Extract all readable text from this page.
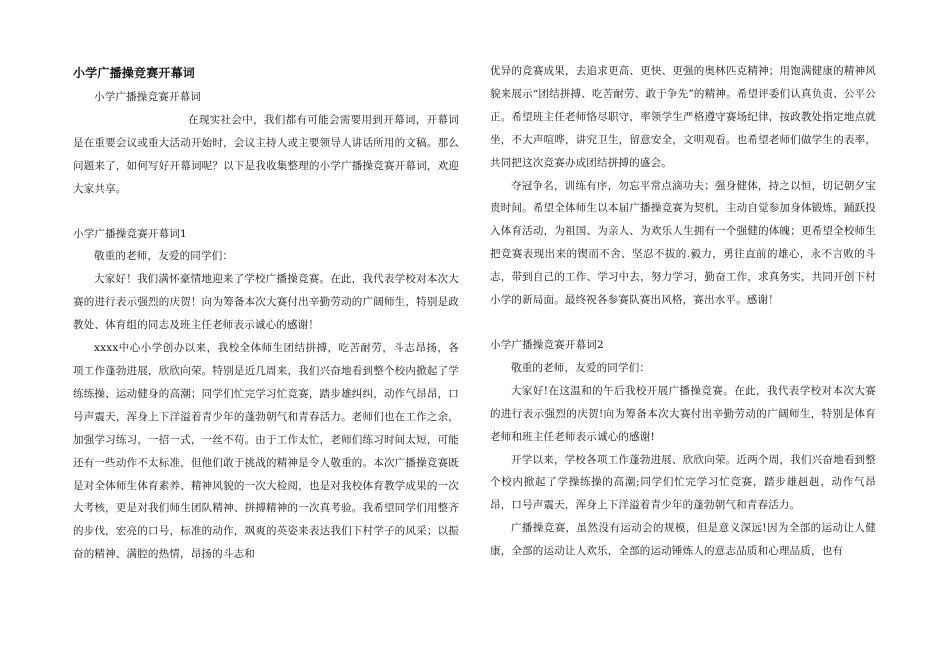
小学广播操竞赛开幕词

小学广播操竞赛开幕词

在现实社会中，我们都有可能会需要用到开幕词，开幕词是在重要会议或重大活动开始时，会议主持人或主要领导人讲话所用的文稿。那么问题来了，如何写好开幕词呢？以下是我收集整理的小学广播操竞赛开幕词，欢迎大家共享。

小学广播操竞赛开幕词1

敬重的老师，友爱的同学们：

大家好！我们满怀豪情地迎来了学校广播操竞赛。在此，我代表学校对本次大赛的进行表示强烈的庆贺！向为筹备本次大赛付出辛勤劳动的广阔师生，特别是政教处、体育组的同志及班主任老师表示诚心的感谢！

xxxx中心小学创办以来，我校全体师生团结拼搏，吃苦耐劳，斗志昂扬，各项工作蓬勃进展，欣欣向荣。特别是近几周来，我们兴奋地看到整个校内掀起了学练练操、运动健身的高潮；同学们忙完学习忙竞赛，踏步雄纠纠，动作气昂昂，口号声震天，浑身上下洋溢着青少年的蓬勃朝气和青春活力。老师们也在工作之余，加强学习练习，一招一式，一丝不苟。由于工作太忙，老师们练习时间太短，可能还有一些动作不太标准，但他们敢于挑战的精神是令人敬重的。本次广播操竞赛既是对全体师生体育素养、精神风貌的一次大检阅，也是对我校体育教学成果的一次大考核，更是对我们师生团队精神、拼搏精神的一次真考验。我希望同学们用整齐的步伐，宏亮的口号，标准的动作，飒爽的英姿来表达我们下村学子的风采；以振奋的精神、满腔的热情，昂扬的斗志和

优异的竞赛成果，去追求更高、更快、更强的奥林匹克精神；用饱满健康的精神风貌来展示“团结拼搏、吃苦耐劳、敢于争先”的精神。希望评委们认真负责、公平公正。希望班主任老师恪尽职守，率领学生严格遵守赛场纪律，按政教处指定地点就坐，不大声喧哗，讲究卫生，留意安全，文明观看。也希望老师们做学生的表率，共同把这次竞赛办成团结拼搏的盛会。

夺冠争名，训练有序，勿忘平常点滴功夫；强身健体，持之以恒，切记朝夕宝贵时间。希望全体师生以本届广播操竞赛为契机，主动自觉参加身体锻炼，踊跃投入体育活动，为祖国、为亲人、为欢乐人生拥有一个强健的体魄；更希望全校师生把竞赛表现出来的锲而不舍、坚忍不拔的.毅力，勇往直前的雄心，永不言败的斗志，带到自己的工作、学习中去，努力学习，勤奋工作，求真务实，共同开创下村小学的新局面。最终祝各参赛队赛出风格，赛出水平。感谢！

小学广播操竞赛开幕词2

敬重的老师，友爱的同学们：

大家好!在这温和的午后我校开展广播操竞赛。在此，我代表学校对本次大赛的进行表示强烈的庆贺!向为筹备本次大赛付出辛勤劳动的广阔师生，特别是体育老师和班主任老师表示诚心的感谢!

开学以来，学校各项工作蓬勃进展、欣欣向荣。近两个周，我们兴奋地看到整个校内掀起了学操练操的高潮;同学们忙完学习忙竞赛，踏步雄赳赳，动作气昂昂，口号声震天，浑身上下洋溢着青少年的蓬勃朝气和青春活力。

广播操竞赛，虽然没有运动会的规模，但是意义深远!因为全部的运动让人健康，全部的运动让人欢乐，全部的运动锤炼人的意志品质和心理品质，也有
